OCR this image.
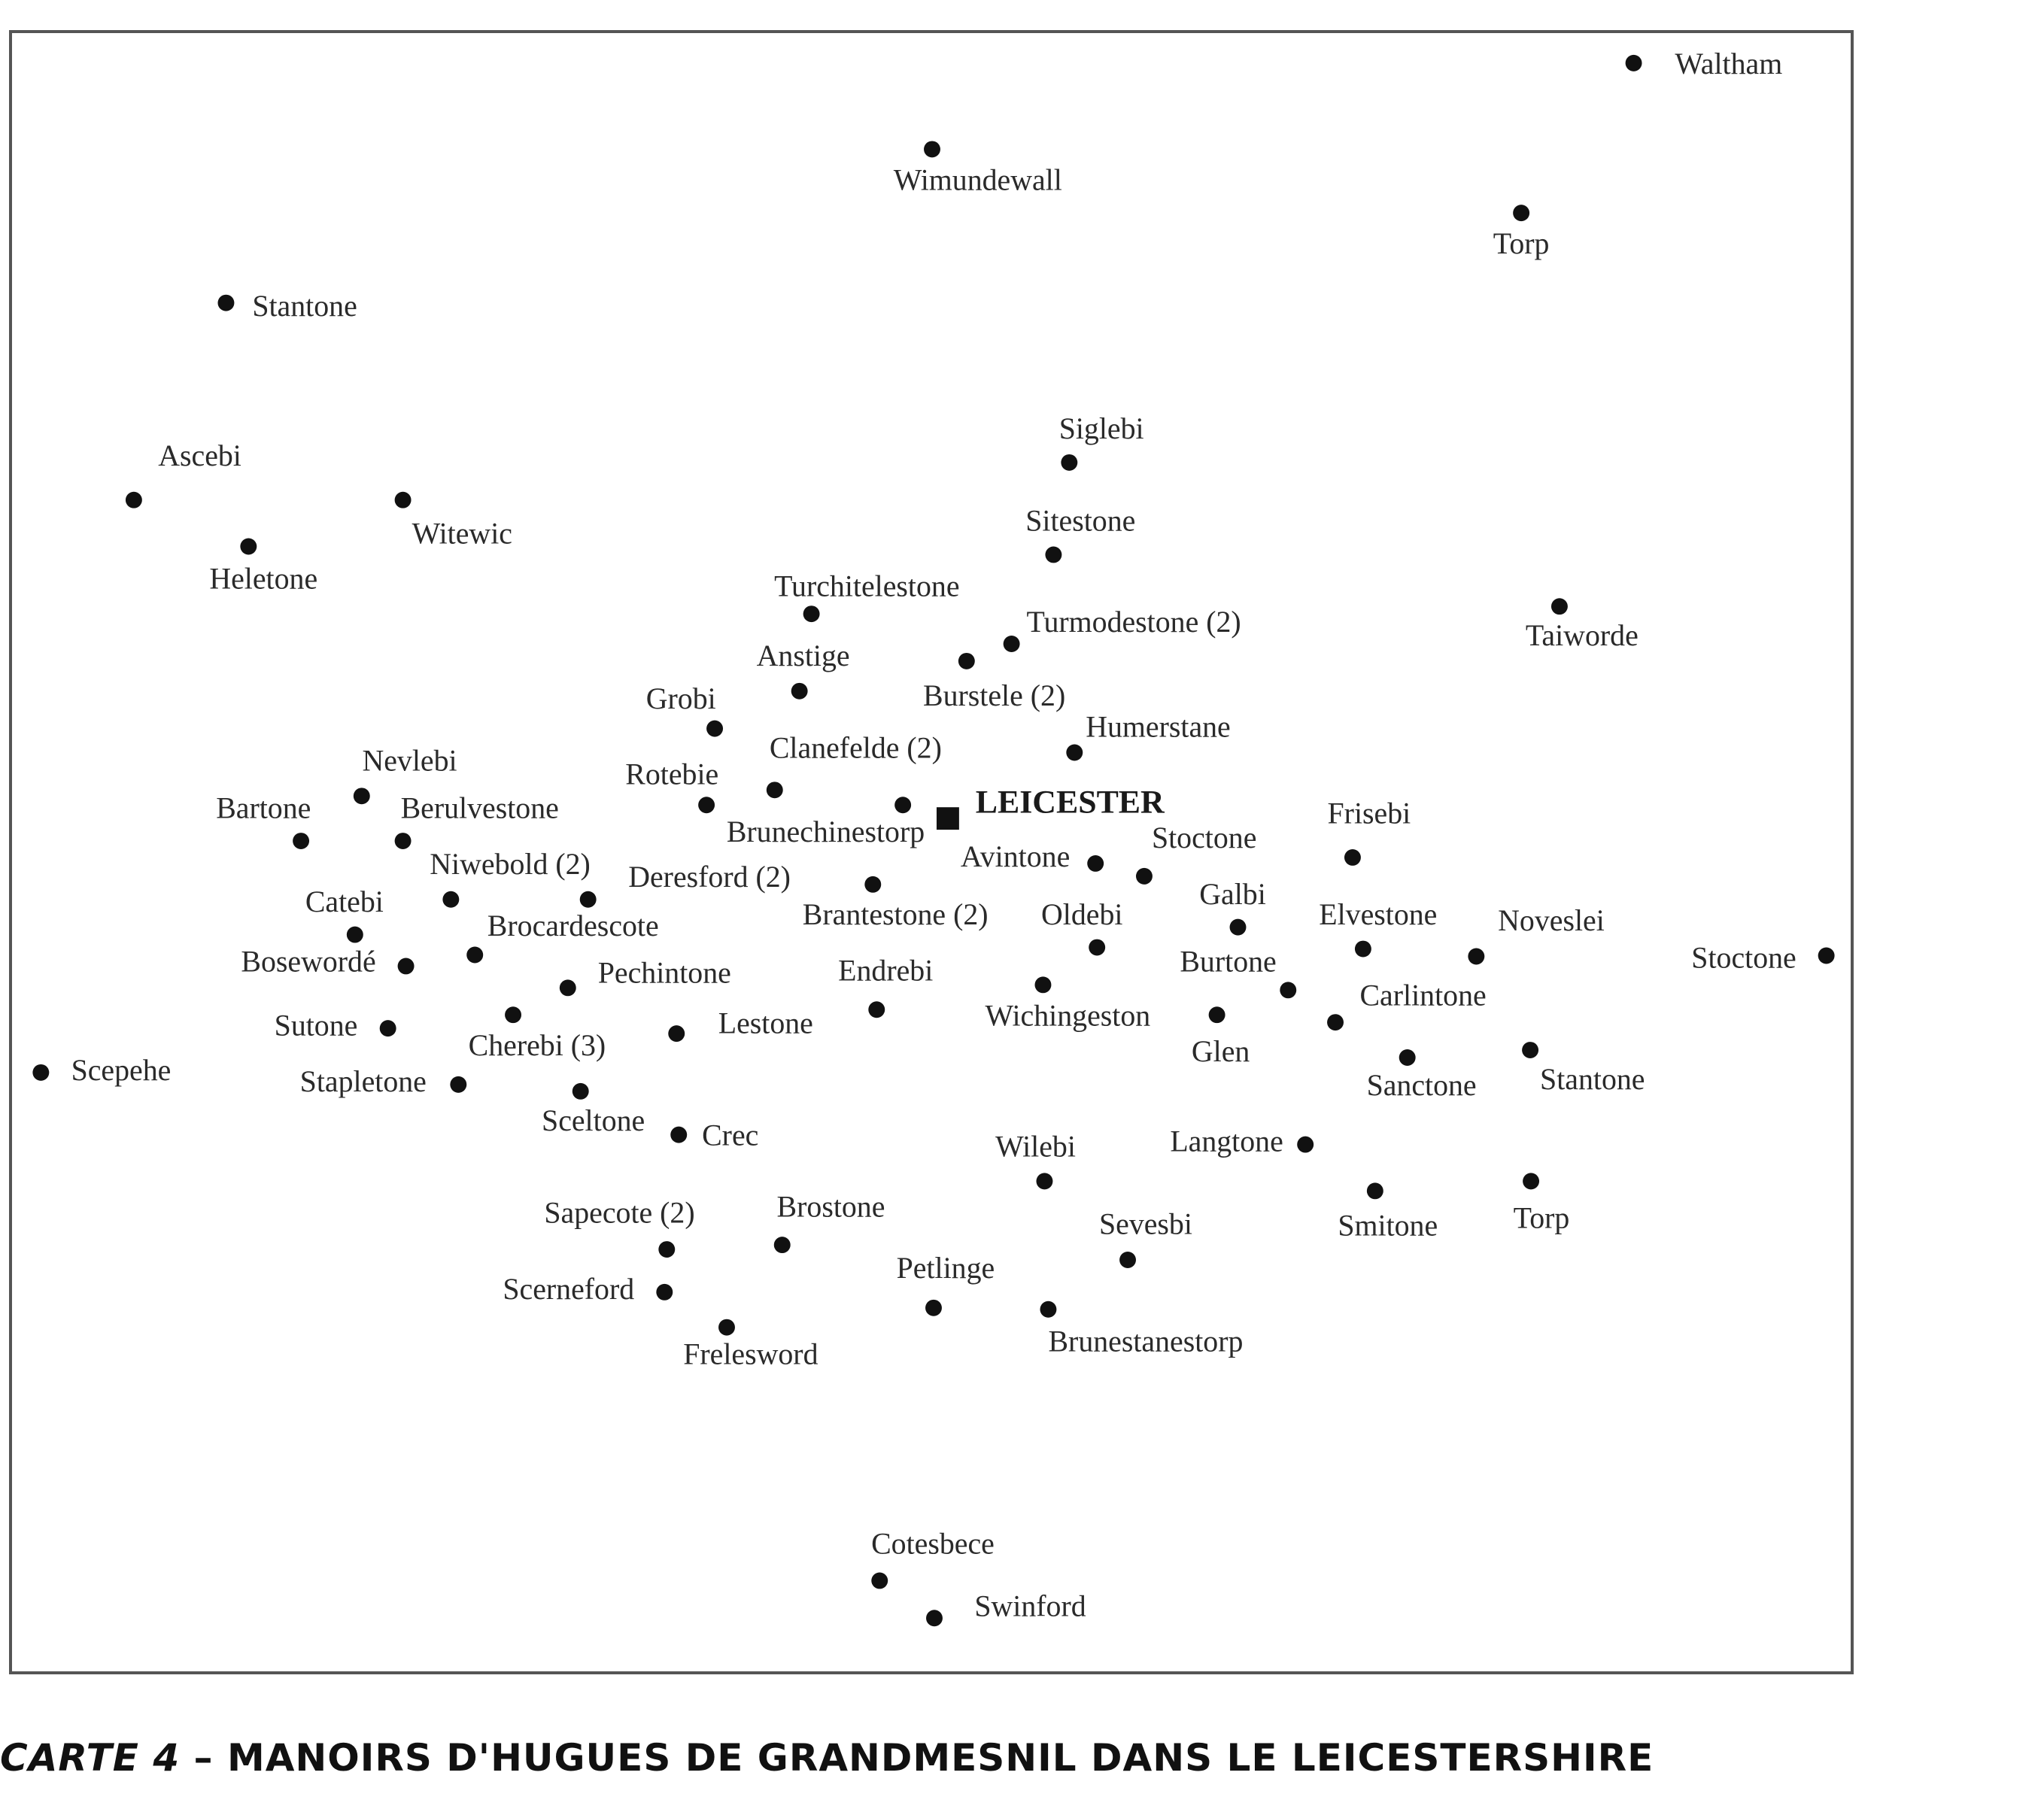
Waltham
Wimundewall
Torp
Stantone
Ascebi
Witewic
Heletone
Siglebi
Sitestone
Turchitelestone
Turmodestone (2)	Taiworde
Anstige
Burstele (2)
Grobi
Humerstane
Clanefelde (2)
Nevlebi	Rotebie
Bartone	Berulvestone
Brunechinestorp
Frisebi
Avintone
Stoctone
Niwebold (2) Deresford (2)
Galbi
Catebi	Brantestone (2)	Elvestone Noveslei
Oldebi
Brocardescote
Bosewordé	Pechintone	Endrebi	Burtone
Carlintone
Wichingeston
Sutone	Lestone
Glen
Cherebi (3)
Scepehe	Stapletone	Sanctone
Sceltone Crec	Wilebi	Langtone
Brostone
Sapecote (2)	Sevesbi	Smitone
Petlinge
Scerneford
Brunestanestorp
Frelesword
Cotesbece
Swinford
Stoctone
Stantone
Torp
LEICESTER
CARTE 4 – MANOIRS D'HUGUES DE GRANDMESNIL DANS LE LEICESTERSHIRE
